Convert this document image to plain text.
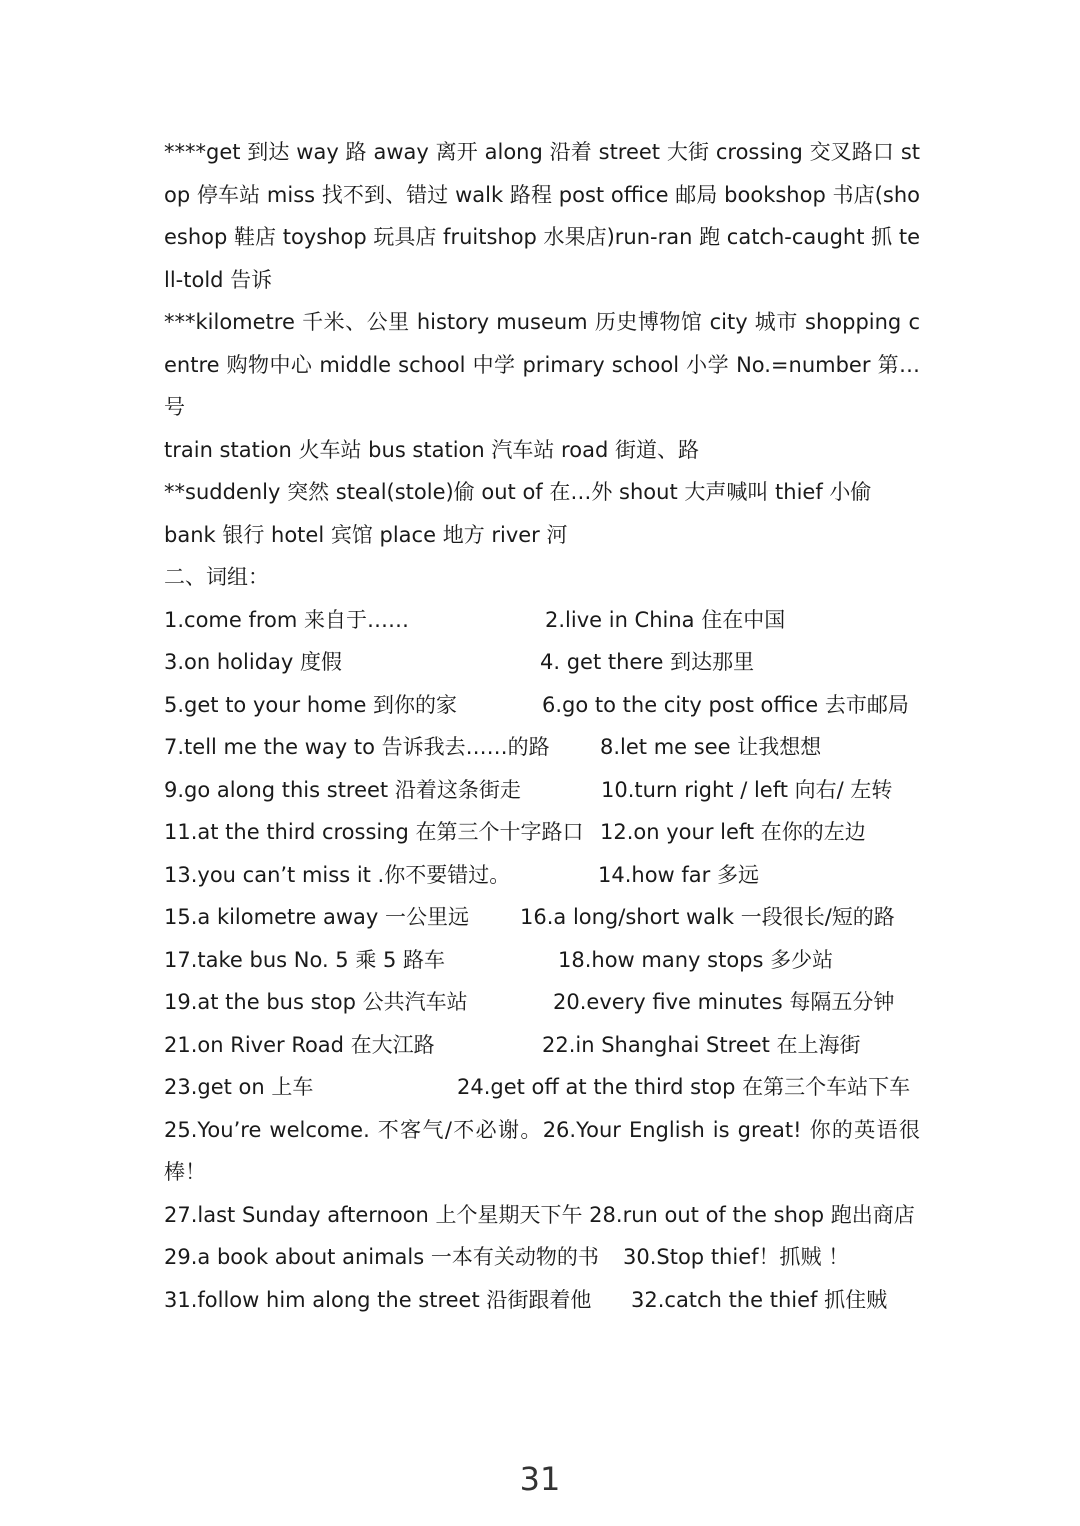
****get 到达 way 路 away 离开 along 沿着 street 大街 crossing 交叉路口 stop 停车站 miss 找不到、错过 walk 路程 post office 邮局 bookshop 书店(shoeshop 鞋店 toyshop 玩具店 fruitshop 水果店)run-ran 跑 catch-caught 抓 tell-told 告诉

***kilometre 千米、公里 history museum 历史博物馆 city 城市 shopping centre 购物中心 middle school 中学 primary school 小学 No.=number 第…号

train station 火车站 bus station 汽车站 road 街道、路

**suddenly 突然 steal(stole)偷 out of 在…外 shout 大声喊叫 thief 小偷

bank 银行 hotel 宾馆 place 地方 river 河

二、词组：

1.come from 来自于……	2.live in China 住在中国
3.on holiday 度假	4. get there 到达那里
5.get to your home 到你的家	6.go to the city post office 去市邮局
7.tell me the way to 告诉我去……的路 8.let me see 让我想想
9.go along this street 沿着这条街走	10.turn right / left 向右/ 左转
11.at the third crossing 在第三个十字路口 12.on your left 在你的左边
13.you can’t miss it .你不要错过。	14.how far 多远
15.a kilometre away 一公里远 16.a long/short walk 一段很长/短的路
17.take bus No. 5 乘 5 路车	18.how many stops 多少站
19.at the bus stop 公共汽车站	20.every five minutes 每隔五分钟
21.on River Road 在大江路	22.in Shanghai Street 在上海街
23.get on 上车	24.get off at the third stop 在第三个车站下车

25.You’re welcome. 不客气/不必谢。26.Your English is great! 你的英语很棒！

27.last Sunday afternoon 上个星期天下午 28.run out of the shop 跑出商店

29.a book about animals 一本有关动物的书 30.Stop thief！抓贼 ！
31.follow him along the street 沿街跟着他 32.catch the thief 抓住贼
31
